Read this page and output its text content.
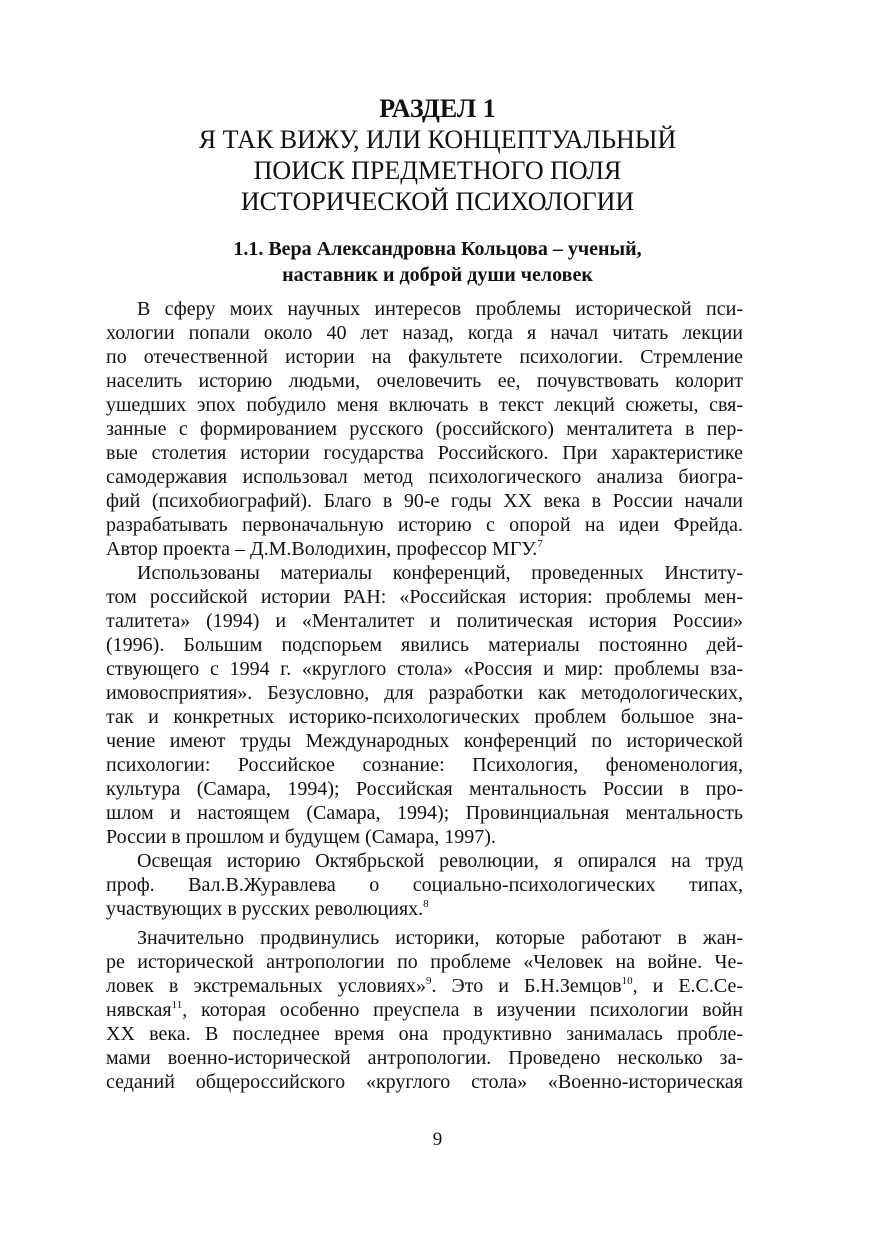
РАЗДЕЛ 1
Я ТАК ВИЖУ, ИЛИ КОНЦЕПТУАЛЬНЫЙ
ПОИСК ПРЕДМЕТНОГО ПОЛЯ
ИСТОРИЧЕСКОЙ ПСИХОЛОГИИ
1.1. Вера Александровна Кольцова – ученый,
наставник и доброй души человек
В сферу моих научных интересов проблемы исторической пси-
хологии попали около 40 лет назад, когда я начал читать лекции
по отечественной истории на факультете психологии. Стремление
населить историю людьми, очеловечить ее, почувствовать колорит
ушедших эпох побудило меня включать в текст лекций сюжеты, свя-
занные с формированием русского (российского) менталитета в пер-
вые столетия истории государства Российского. При характеристике
самодержавия использовал метод психологического анализа биогра-
фий (психобиографий). Благо в 90-е годы XX века в России начали
разрабатывать первоначальную историю с опорой на идеи Фрейда.
Автор проекта – Д.М.Володихин, профессор МГУ.$^7$
Использованы материалы конференций, проведенных Институ-
том российской истории РАН: «Российская история: проблемы мен-
талитета» (1994) и «Менталитет и политическая история России»
(1996). Большим подспорьем явились материалы постоянно дей-
ствующего с 1994 г. «круглого стола» «Россия и мир: проблемы вза-
имовосприятия». Безусловно, для разработки как методологических,
так и конкретных историко-психологических проблем большое зна-
чение имеют труды Международных конференций по исторической
психологии: Российское сознание: Психология, феноменология,
культура (Самара, 1994); Российская ментальность России в про-
шлом и настоящем (Самара, 1994); Провинциальная ментальность
России в прошлом и будущем (Самара, 1997).
Освещая историю Октябрьской революции, я опирался на труд
проф. Вал.В.Журавлева о социально-психологических типах,
участвующих в русских революциях.$^8$
Значительно продвинулись историки, которые работают в жан-
ре исторической антропологии по проблеме «Человек на войне. Че-
ловек в экстремальных условиях»$^9$. Это и Б.Н.Земцов$^{10}$, и Е.С.Се-
нявская$^{11}$, которая особенно преуспела в изучении психологии войн
XX века. В последнее время она продуктивно занималась пробле-
мами военно-исторической антропологии. Проведено несколько за-
седаний общероссийского «круглого стола» «Военно-историческая
9
